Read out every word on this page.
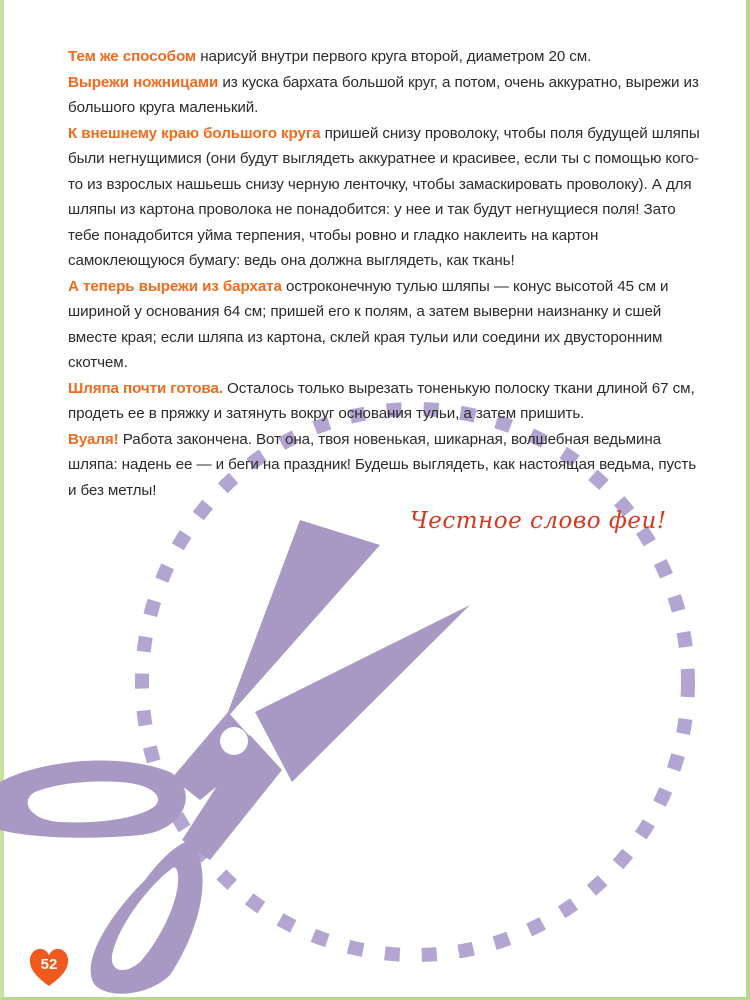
Тем же способом нарисуй внутри первого круга второй, диаметром 20 см.

Вырежи ножницами из куска бархата большой круг, а потом, очень аккуратно, вырежи из большого круга маленький.

К внешнему краю большого круга пришей снизу проволоку, чтобы поля будущей шляпы были негнущимися (они будут выглядеть аккуратнее и красивее, если ты с помощью кого-то из взрослых нашьешь снизу черную ленточку, чтобы замаскировать проволоку). А для шляпы из картона проволока не понадобится: у нее и так будут негнущиеся поля! Зато тебе понадобится уйма терпения, чтобы ровно и гладко наклеить на картон самоклеющуюся бумагу: ведь она должна выглядеть, как ткань!

А теперь вырежи из бархата остроконечную тулью шляпы — конус высотой 45 см и шириной у основания 64 см; пришей его к полям, а затем выверни наизнанку и сшей вместе края; если шляпа из картона, склей края тульи или соедини их двусторонним скотчем.

Шляпа почти готова. Осталось только вырезать тоненькую полоску ткани длиной 67 см, продеть ее в пряжку и затянуть вокруг основания тульи, а затем пришить.

Вуаля! Работа закончена. Вот она, твоя новенькая, шикарная, волшебная ведьмина шляпа: надень ее — и беги на праздник! Будешь выглядеть, как настоящая ведьма, пусть и без метлы!

Честное слово феи!
52
